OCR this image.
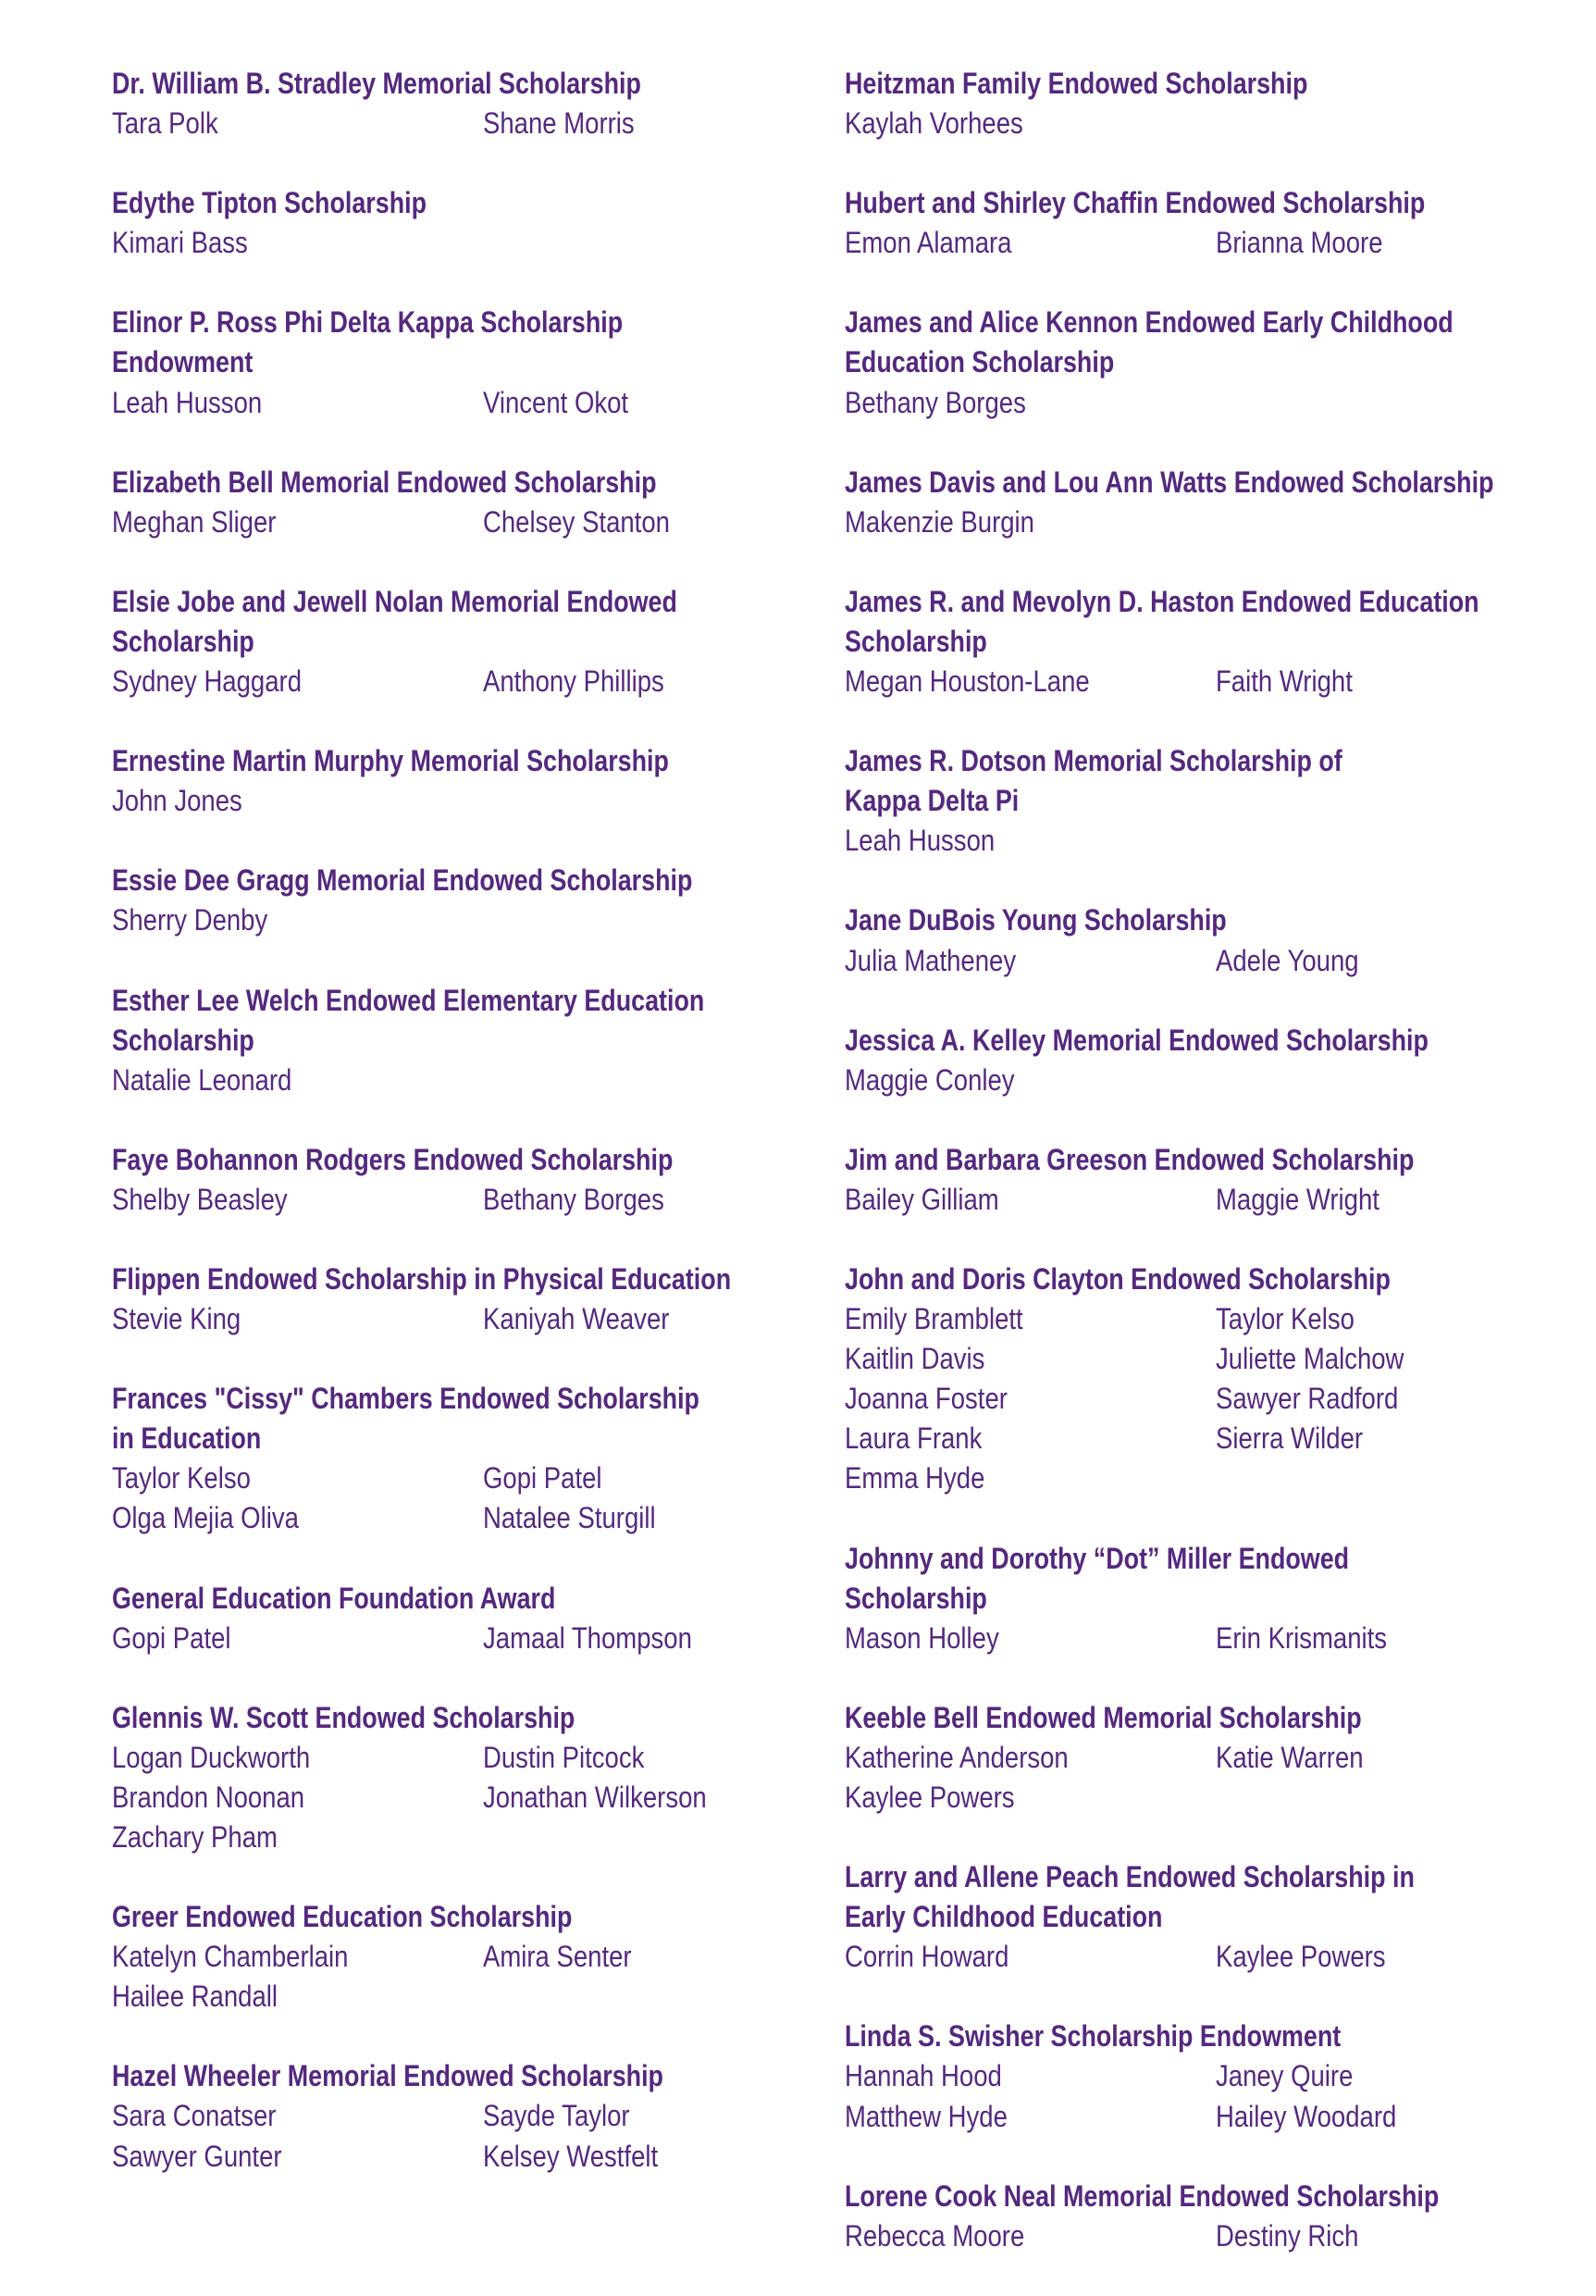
Dr. William B. Stradley Memorial Scholarship
Tara Polk	Shane Morris
Edythe Tipton Scholarship
Kimari Bass
Elinor P. Ross Phi Delta Kappa Scholarship
Endowment
Leah Husson	Vincent Okot
Elizabeth Bell Memorial Endowed Scholarship
Meghan Sliger	Chelsey Stanton
Elsie Jobe and Jewell Nolan Memorial Endowed
Scholarship
Sydney Haggard	Anthony Phillips
Ernestine Martin Murphy Memorial Scholarship
John Jones
Essie Dee Gragg Memorial Endowed Scholarship
Sherry Denby
Esther Lee Welch Endowed Elementary Education
Scholarship
Natalie Leonard
Faye Bohannon Rodgers Endowed Scholarship
Shelby Beasley	Bethany Borges
Flippen Endowed Scholarship in Physical Education
Stevie King	Kaniyah Weaver
Frances "Cissy" Chambers Endowed Scholarship
in Education
Taylor Kelso	Gopi Patel
Olga Mejia Oliva	Natalee Sturgill
General Education Foundation Award
Gopi Patel	Jamaal Thompson
Glennis W. Scott Endowed Scholarship
Logan Duckworth	Dustin Pitcock
Brandon Noonan	Jonathan Wilkerson
Zachary Pham
Greer Endowed Education Scholarship
Katelyn Chamberlain	Amira Senter
Hailee Randall
Hazel Wheeler Memorial Endowed Scholarship
Sara Conatser	Sayde Taylor
Sawyer Gunter	Kelsey Westfelt
Heitzman Family Endowed Scholarship
Kaylah Vorhees
Hubert and Shirley Chaffin Endowed Scholarship
Emon Alamara	Brianna Moore
James and Alice Kennon Endowed Early Childhood
Education Scholarship
Bethany Borges
James Davis and Lou Ann Watts Endowed Scholarship
Makenzie Burgin
James R. and Mevolyn D. Haston Endowed Education
Scholarship
Megan Houston-Lane	Faith Wright
James R. Dotson Memorial Scholarship of
Kappa Delta Pi
Leah Husson
Jane DuBois Young Scholarship
Julia Matheney	Adele Young
Jessica A. Kelley Memorial Endowed Scholarship
Maggie Conley
Jim and Barbara Greeson Endowed Scholarship
Bailey Gilliam	Maggie Wright
John and Doris Clayton Endowed Scholarship
Emily Bramblett	Taylor Kelso
Kaitlin Davis	Juliette Malchow
Joanna Foster	Sawyer Radford
Laura Frank	Sierra Wilder
Emma Hyde
Johnny and Dorothy “Dot” Miller Endowed
Scholarship
Mason Holley	Erin Krismanits
Keeble Bell Endowed Memorial Scholarship
Katherine Anderson	Katie Warren
Kaylee Powers
Larry and Allene Peach Endowed Scholarship in
Early Childhood Education
Corrin Howard	Kaylee Powers
Linda S. Swisher Scholarship Endowment
Hannah Hood	Janey Quire
Matthew Hyde	Hailey Woodard
Lorene Cook Neal Memorial Endowed Scholarship
Rebecca Moore	Destiny Rich
